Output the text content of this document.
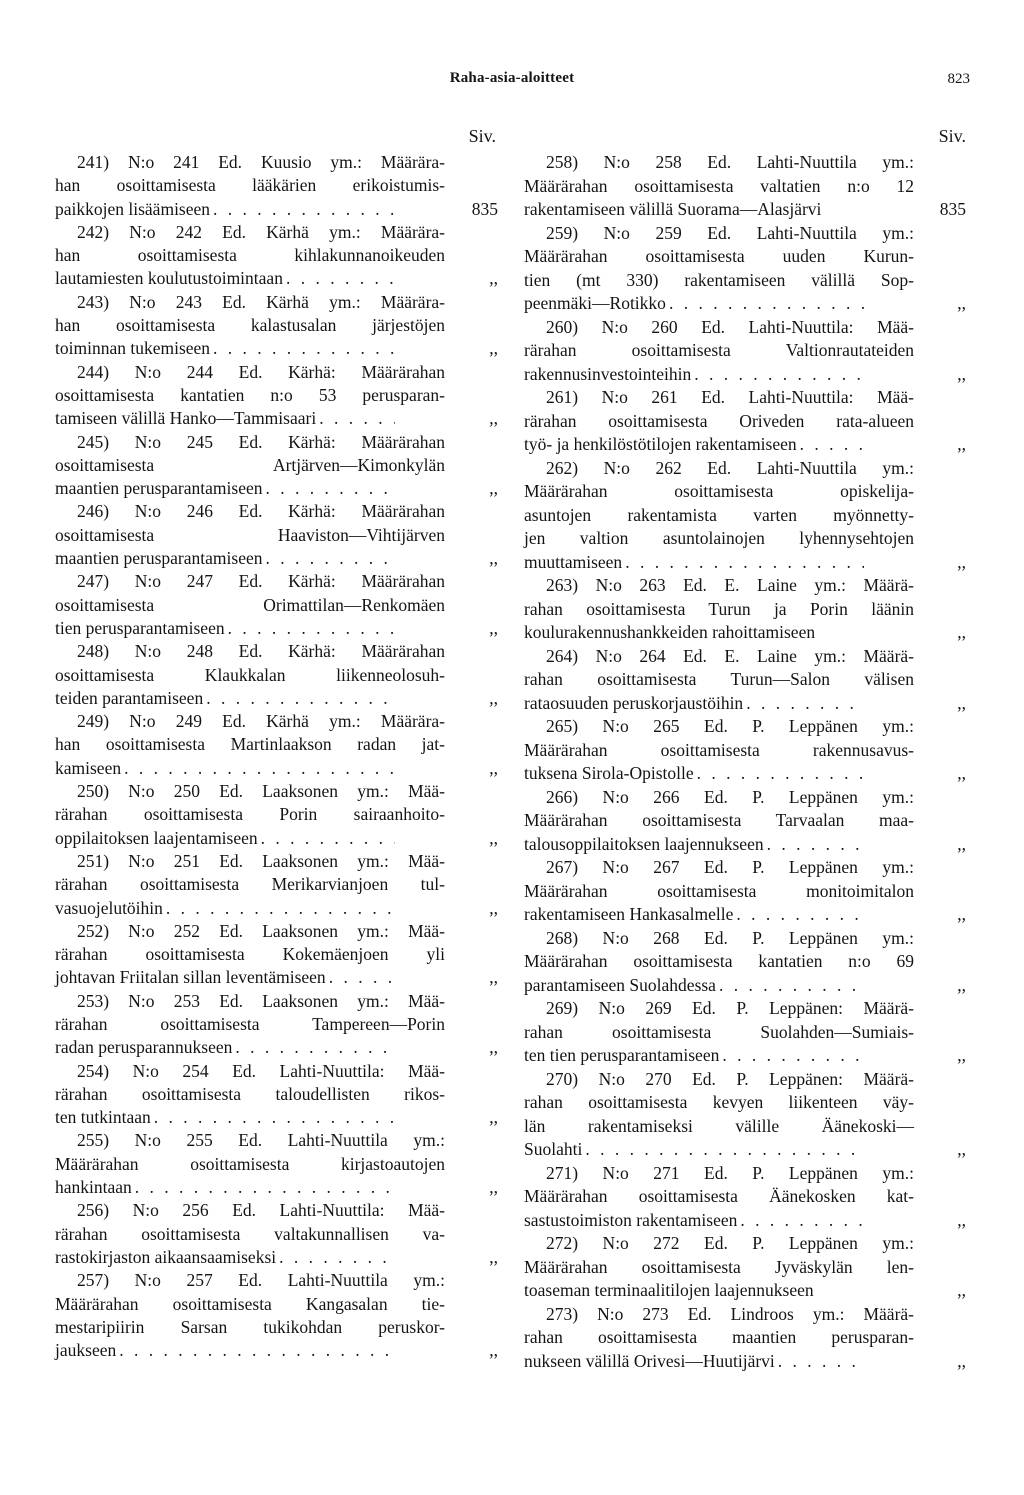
Raha-asia-aloitteet	823
Siv.	Siv.
241) N:o 241 Ed. Kuusio ym.: Määrära-
han osoittamisesta lääkärien erikoistumis-
paikkojen lisäämiseen . . .	835
242) N:o 242 Ed. Kärhä ym.: Määrära-
han osoittamisesta kihlakunnanoikeuden
lautamiesten koulutustoimintaan . . .	,,
243) N:o 243 Ed. Kärhä ym.: Määrära-
han osoittamisesta kalastusalan järjestöjen
toiminnan tukemiseen . . .	,,
244) N:o 244 Ed. Kärhä: Määrärahan
osoittamisesta kantatien n:o 53 perusparan-
tamiseen välillä Hanko—Tammisaari . . .	,,
245) N:o 245 Ed. Kärhä: Määrärahan
osoittamisesta Artjärven—Kimonkylän
maantien perusparantamiseen . . .	,,
246) N:o 246 Ed. Kärhä: Määrärahan
osoittamisesta Haaviston—Vihtijärven
maantien perusparantamiseen . . .	,,
247) N:o 247 Ed. Kärhä: Määrärahan
osoittamisesta Orimattilan—Renkomäen
tien perusparantamiseen . . .	,,
248) N:o 248 Ed. Kärhä: Määrärahan
osoittamisesta Klaukkalan liikenneolosuh-
teiden parantamiseen . . .	,,
249) N:o 249 Ed. Kärhä ym.: Määrära-
han osoittamisesta Martinlaakson radan jat-
kamiseen . . .	,,
250) N:o 250 Ed. Laaksonen ym.: Mää-
rärahan osoittamisesta Porin sairaanhoito-
oppilaitoksen laajentamiseen . . .	,,
251) N:o 251 Ed. Laaksonen ym.: Mää-
rärahan osoittamisesta Merikarvianjoen tul-
vasuojelutöihin . . .	,,
252) N:o 252 Ed. Laaksonen ym.: Mää-
rärahan osoittamisesta Kokemäenjoen yli
johtavan Friitalan sillan leventämiseen . . .	,,
253) N:o 253 Ed. Laaksonen ym.: Mää-
rärahan osoittamisesta Tampereen—Porin
radan perusparannukseen . . .	,,
254) N:o 254 Ed. Lahti-Nuuttila: Mää-
rärahan osoittamisesta taloudellisten rikos-
ten tutkintaan . . .	,,
255) N:o 255 Ed. Lahti-Nuuttila ym.:
Määrärahan osoittamisesta kirjastoautojen
hankintaan . . .	,,
256) N:o 256 Ed. Lahti-Nuuttila: Mää-
rärahan osoittamisesta valtakunnallisen va-
rastokirjaston aikaansaamiseksi . . .	,,
257) N:o 257 Ed. Lahti-Nuuttila ym.:
Määrärahan osoittamisesta Kangasalan tie-
mestaripiirin Sarsan tukikohdan peruskor-
jaukseen . . .	,,
258) N:o 258 Ed. Lahti-Nuuttila ym.:
Määrärahan osoittamisesta valtatien n:o 12
rakentamiseen välillä Suorama—Alasjärvi	835
259) N:o 259 Ed. Lahti-Nuuttila ym.:
Määrärahan osoittamisesta uuden Kurun-
tien (mt 330) rakentamiseen välillä Sop-
peenmäki—Rotikko . . .	,,
260) N:o 260 Ed. Lahti-Nuuttila: Mää-
rärahan osoittamisesta Valtionrautateiden
rakennusinvestointeihin . . .	,,
261) N:o 261 Ed. Lahti-Nuuttila: Mää-
rärahan osoittamisesta Oriveden rata-alueen
työ- ja henkilöstötilojen rakentamiseen . . .	,,
262) N:o 262 Ed. Lahti-Nuuttila ym.:
Määrärahan osoittamisesta opiskelija-
asuntojen rakentamista varten myönnetty-
jen valtion asuntolainojen lyhennysehtojen
muuttamiseen . . .	,,
263) N:o 263 Ed. E. Laine ym.: Määrä-
rahan osoittamisesta Turun ja Porin läänin
koulurakennushankkeiden rahoittamiseen	,,
264) N:o 264 Ed. E. Laine ym.: Määrä-
rahan osoittamisesta Turun—Salon välisen
rataosuuden peruskorjaustöihin . . .	,,
265) N:o 265 Ed. P. Leppänen ym.:
Määrärahan osoittamisesta rakennusavus-
tuksena Sirola-Opistolle . . .	,,
266) N:o 266 Ed. P. Leppänen ym.:
Määrärahan osoittamisesta Tarvaalan maa-
talousoppilaitoksen laajennukseen . . .	,,
267) N:o 267 Ed. P. Leppänen ym.:
Määrärahan osoittamisesta monitoimitalon
rakentamiseen Hankasalmelle . . .	,,
268) N:o 268 Ed. P. Leppänen ym.:
Määrärahan osoittamisesta kantatien n:o 69
parantamiseen Suolahdessa . . .	,,
269) N:o 269 Ed. P. Leppänen: Määrä-
rahan osoittamisesta Suolahden—Sumiais-
ten tien perusparantamiseen . . .	,,
270) N:o 270 Ed. P. Leppänen: Määrä-
rahan osoittamisesta kevyen liikenteen väy-
län rakentamiseksi välille Äänekoski—
Suolahti . . .	,,
271) N:o 271 Ed. P. Leppänen ym.:
Määrärahan osoittamisesta Äänekosken kat-
sastustoimiston rakentamiseen . . .	,,
272) N:o 272 Ed. P. Leppänen ym.:
Määrärahan osoittamisesta Jyväskylän len-
toaseman terminaalitilojen laajennukseen	,,
273) N:o 273 Ed. Lindroos ym.: Määrä-
rahan osoittamisesta maantien perusparan-
nukseen välillä Orivesi—Huutijärvi . . .	,,
